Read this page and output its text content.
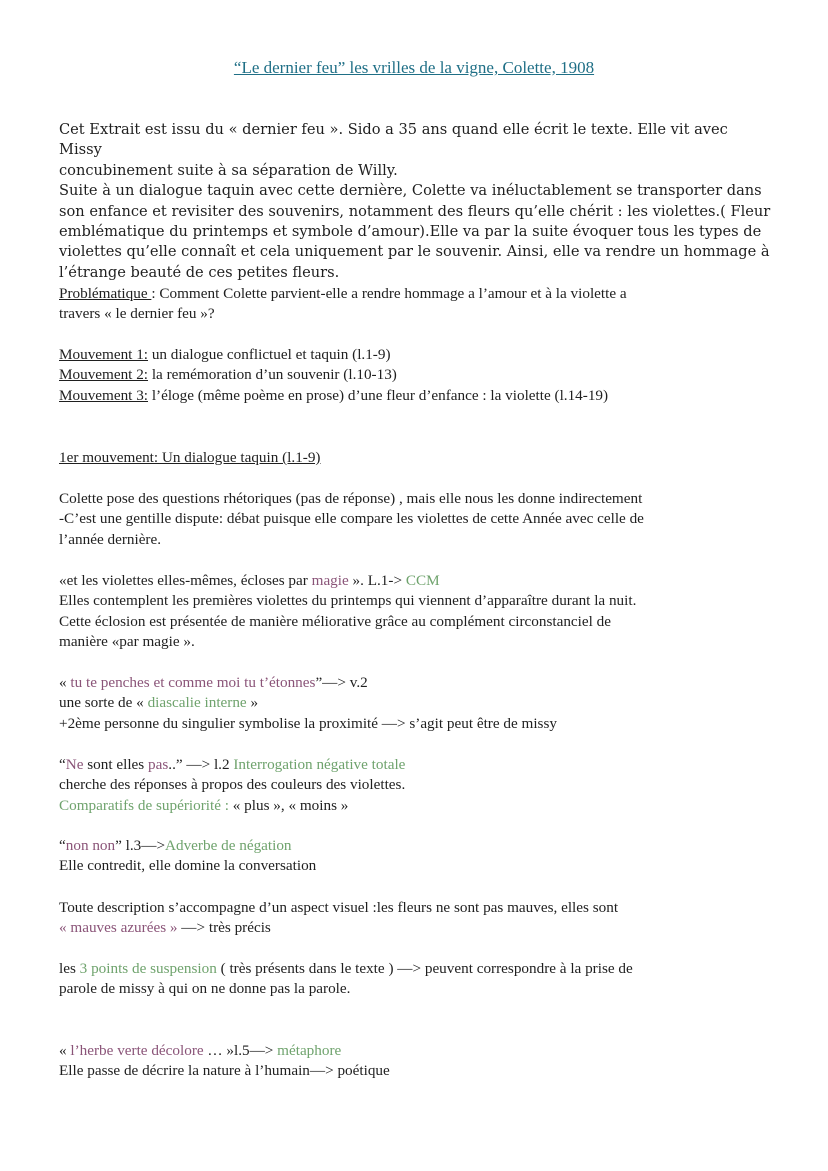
“Le dernier feu” les vrilles de la vigne, Colette, 1908

Cet Extrait est issu du « dernier feu ». Sido a 35 ans quand elle écrit le texte. Elle vit avec Missy

concubinement suite à sa séparation de Willy.

Suite à un dialogue taquin avec cette dernière, Colette va inéluctablement se transporter dans

son enfance et revisiter des souvenirs, notamment des fleurs qu’elle chérit : les violettes.( Fleur

emblématique du printemps et symbole d’amour).Elle va par la suite évoquer tous les types de

violettes qu’elle connaît et cela uniquement par le souvenir. Ainsi, elle va rendre un hommage à

l’étrange beauté de ces petites fleurs.

Problématique : Comment Colette parvient-elle a rendre hommage a l’amour et à la violette a

travers « le dernier feu »?

Mouvement 1: un dialogue conflictuel et taquin (l.1-9)

Mouvement 2: la remémoration d’un souvenir (l.10-13)

Mouvement 3: l’éloge (même poème en prose) d’une fleur d’enfance : la violette (l.14-19)

1er mouvement: Un dialogue taquin (l.1-9)

Colette pose des questions rhétoriques (pas de réponse) , mais elle nous les donne indirectement

-C’est une gentille dispute: débat puisque elle compare les violettes de cette Année avec celle de

l’année dernière.

«et les violettes elles-mêmes, écloses par magie ». L.1-> CCM

Elles contemplent les premières violettes du printemps qui viennent d’apparaître durant la nuit.

Cette éclosion est présentée de manière méliorative grâce au complément circonstanciel de

manière «par magie ».

« tu te penches et comme moi tu t’étonnes”—> v.2

une sorte de « diascalie interne »

+2ème personne du singulier symbolise la proximité —> s’agit peut être de missy

“Ne sont elles pas..” —> l.2 Interrogation négative totale

cherche des réponses à propos des couleurs des violettes.

Comparatifs de supériorité : « plus », « moins »

“non non” l.3—>Adverbe de négation

Elle contredit, elle domine la conversation

Toute description s’accompagne d’un aspect visuel :les fleurs ne sont pas mauves, elles sont

« mauves azurées » —> très précis

les 3 points de suspension ( très présents dans le texte ) —> peuvent correspondre à la prise de

parole de missy à qui on ne donne pas la parole.

« l’herbe verte décolore … »l.5—> métaphore

Elle passe de décrire la nature à l’humain—> poétique
